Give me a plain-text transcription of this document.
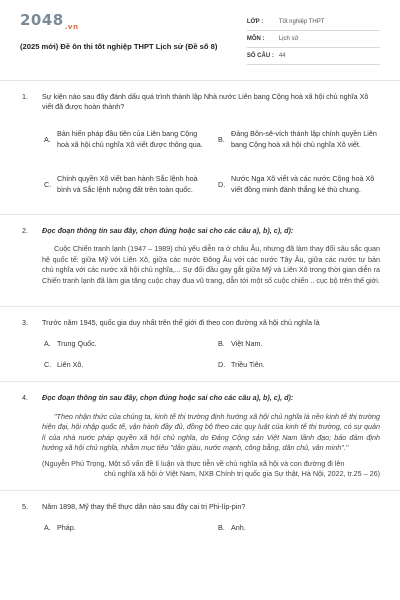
$2048_{.vn}$
(2025 mới) Đề ôn thi tốt nghiệp THPT Lịch sử (Đề số 8)
LỚP :	Tốt nghiệp THPT
MÔN :	Lịch sử
SỐ CÂU : 44
1. Sự kiện nào sau đây đánh dấu quá trình thành lập Nhà nước Liên bang Cộng hoà xã hội chủ nghĩa Xô viết đã được hoàn thành?
A.
Bản hiến pháp đầu tiên của Liên bang Cộng hoà xã hội chủ nghĩa Xô viết được thông qua.
B.
Đảng Bôn-sê-vích thành lập chính quyền Liên bang Cộng hoà xã hội chủ nghĩa Xô viết.
C.
Chính quyền Xô viết ban hành Sắc lệnh hoà bình và Sắc lệnh ruộng đất trên toàn quốc.
D.
Nước Nga Xô viết và các nước Cộng hoà Xô viết đồng minh đánh thắng kẻ thù chung.
2. Đọc đoạn thông tin sau đây, chọn đúng hoặc sai cho các câu a), b), c), d):
Cuộc Chiến tranh lạnh (1947 – 1989) chủ yếu diễn ra ở châu Âu, nhưng đã làm thay đổi sâu sắc quan hệ quốc tế: giữa Mỹ với Liên Xô, giữa các nước Đông Âu với các nước Tây Âu, giữa các nước tư bản chủ nghĩa với các nước xã hội chủ nghĩa,... Sự đối đầu gay gắt giữa Mỹ và Liên Xô trong thời gian diễn ra Chiến tranh lạnh đã làm gia tăng cuộc chạy đua vũ trang, dẫn tới một số cuộc chiến .. cục bộ trên thế giới.
3. Trước năm 1945, quốc gia duy nhất trên thế giới đi theo con đường xã hội chủ nghĩa là
A. Trung Quốc.	B. Việt Nam.
C. Liên Xô.	D. Triều Tiên.
4. Đọc đoạn thông tin sau đây, chọn đúng hoặc sai cho các câu a), b), c), d):
"Theo nhận thức của chúng ta, kinh tế thị trường định hướng xã hội chủ nghĩa là nền kinh tế thị trường hiện đại, hội nhập quốc tế, vận hành đầy đủ, đồng bộ theo các quy luật của kinh tế thị trường, có sự quản lí của nhà nước pháp quyền xã hội chủ nghĩa, do Đảng Cộng sản Việt Nam lãnh đạo; bảo đảm định hướng xã hội chủ nghĩa, nhằm mục tiêu "dân giàu, nước mạnh, công bằng, dân chủ, văn minh"."
(Nguyễn Phú Trọng, Một số vấn đề lí luận và thực tiễn về chủ nghĩa xã hội và con đường đi lên
chủ nghĩa xã hội ở Việt Nam, NXB Chính trị quốc gia Sự thật, Hà Nội, 2022, tr.25 – 26)
5. Năm 1898, Mỹ thay thế thực dân nào sau đây cai trị Phi-líp-pin?
A. Pháp.	B. Anh.
